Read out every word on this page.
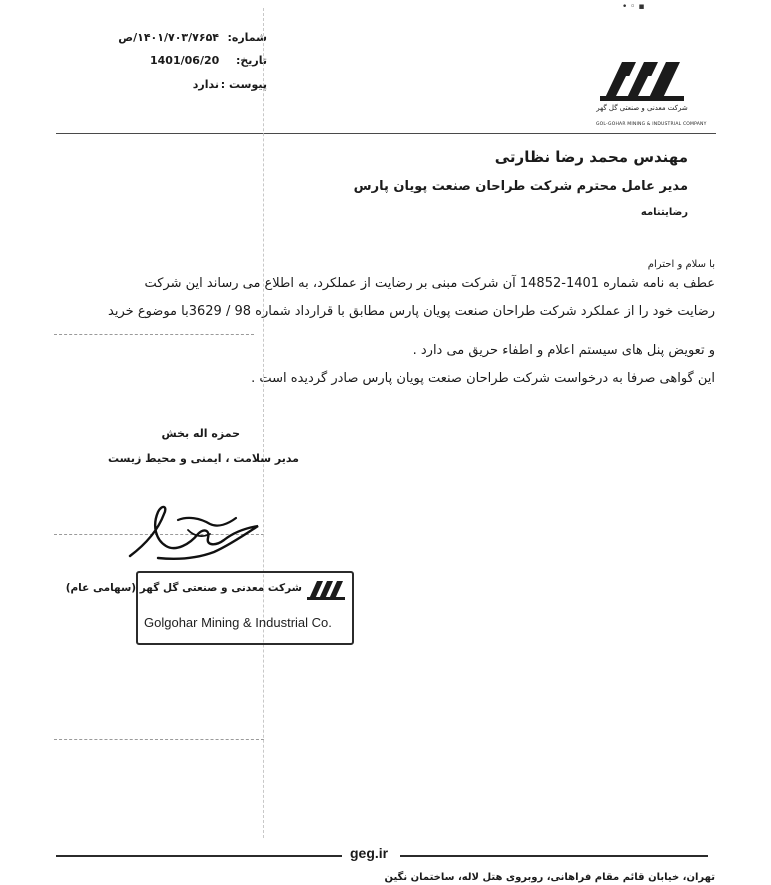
• ◦ ▪
شماره:
۱۴۰۱/۷۰۳/۷۶۵۴/ص
تاریخ:
1401/06/20
پیوست :
ندارد
شرکت معدنی و صنعتی گل گهر
GOL-GOHAR MINING & INDUSTRIAL COMPANY
مهندس محمد رضا نظارتی
مدیر عامل محترم شرکت طراحان صنعت پویان پارس
رضایتنامه
با سلام و احترام
عطف به نامه شماره 1401-14852 آن شرکت مبنی بر رضایت از عملکرد، به اطلاع می رساند این شرکت
رضایت خود را از عملکرد شرکت طراحان صنعت پویان پارس مطابق با قرارداد شماره 98 / 3629با موضوع خرید
و تعویض پنل های سیستم اعلام و اطفاء حریق می دارد .
این گواهی صرفا به درخواست شرکت طراحان صنعت پویان پارس صادر گردیده است .
حمزه اله بخش
مدیر سلامت ، ایمنی و محیط زیست
شرکت معدنی و صنعتی گل گهر (سهامی عام)
Golgohar Mining & Industrial Co.
geg.ir
تهران، خیابان قائم مقام فراهانی، روبروی هتل لاله، ساختمان نگین
